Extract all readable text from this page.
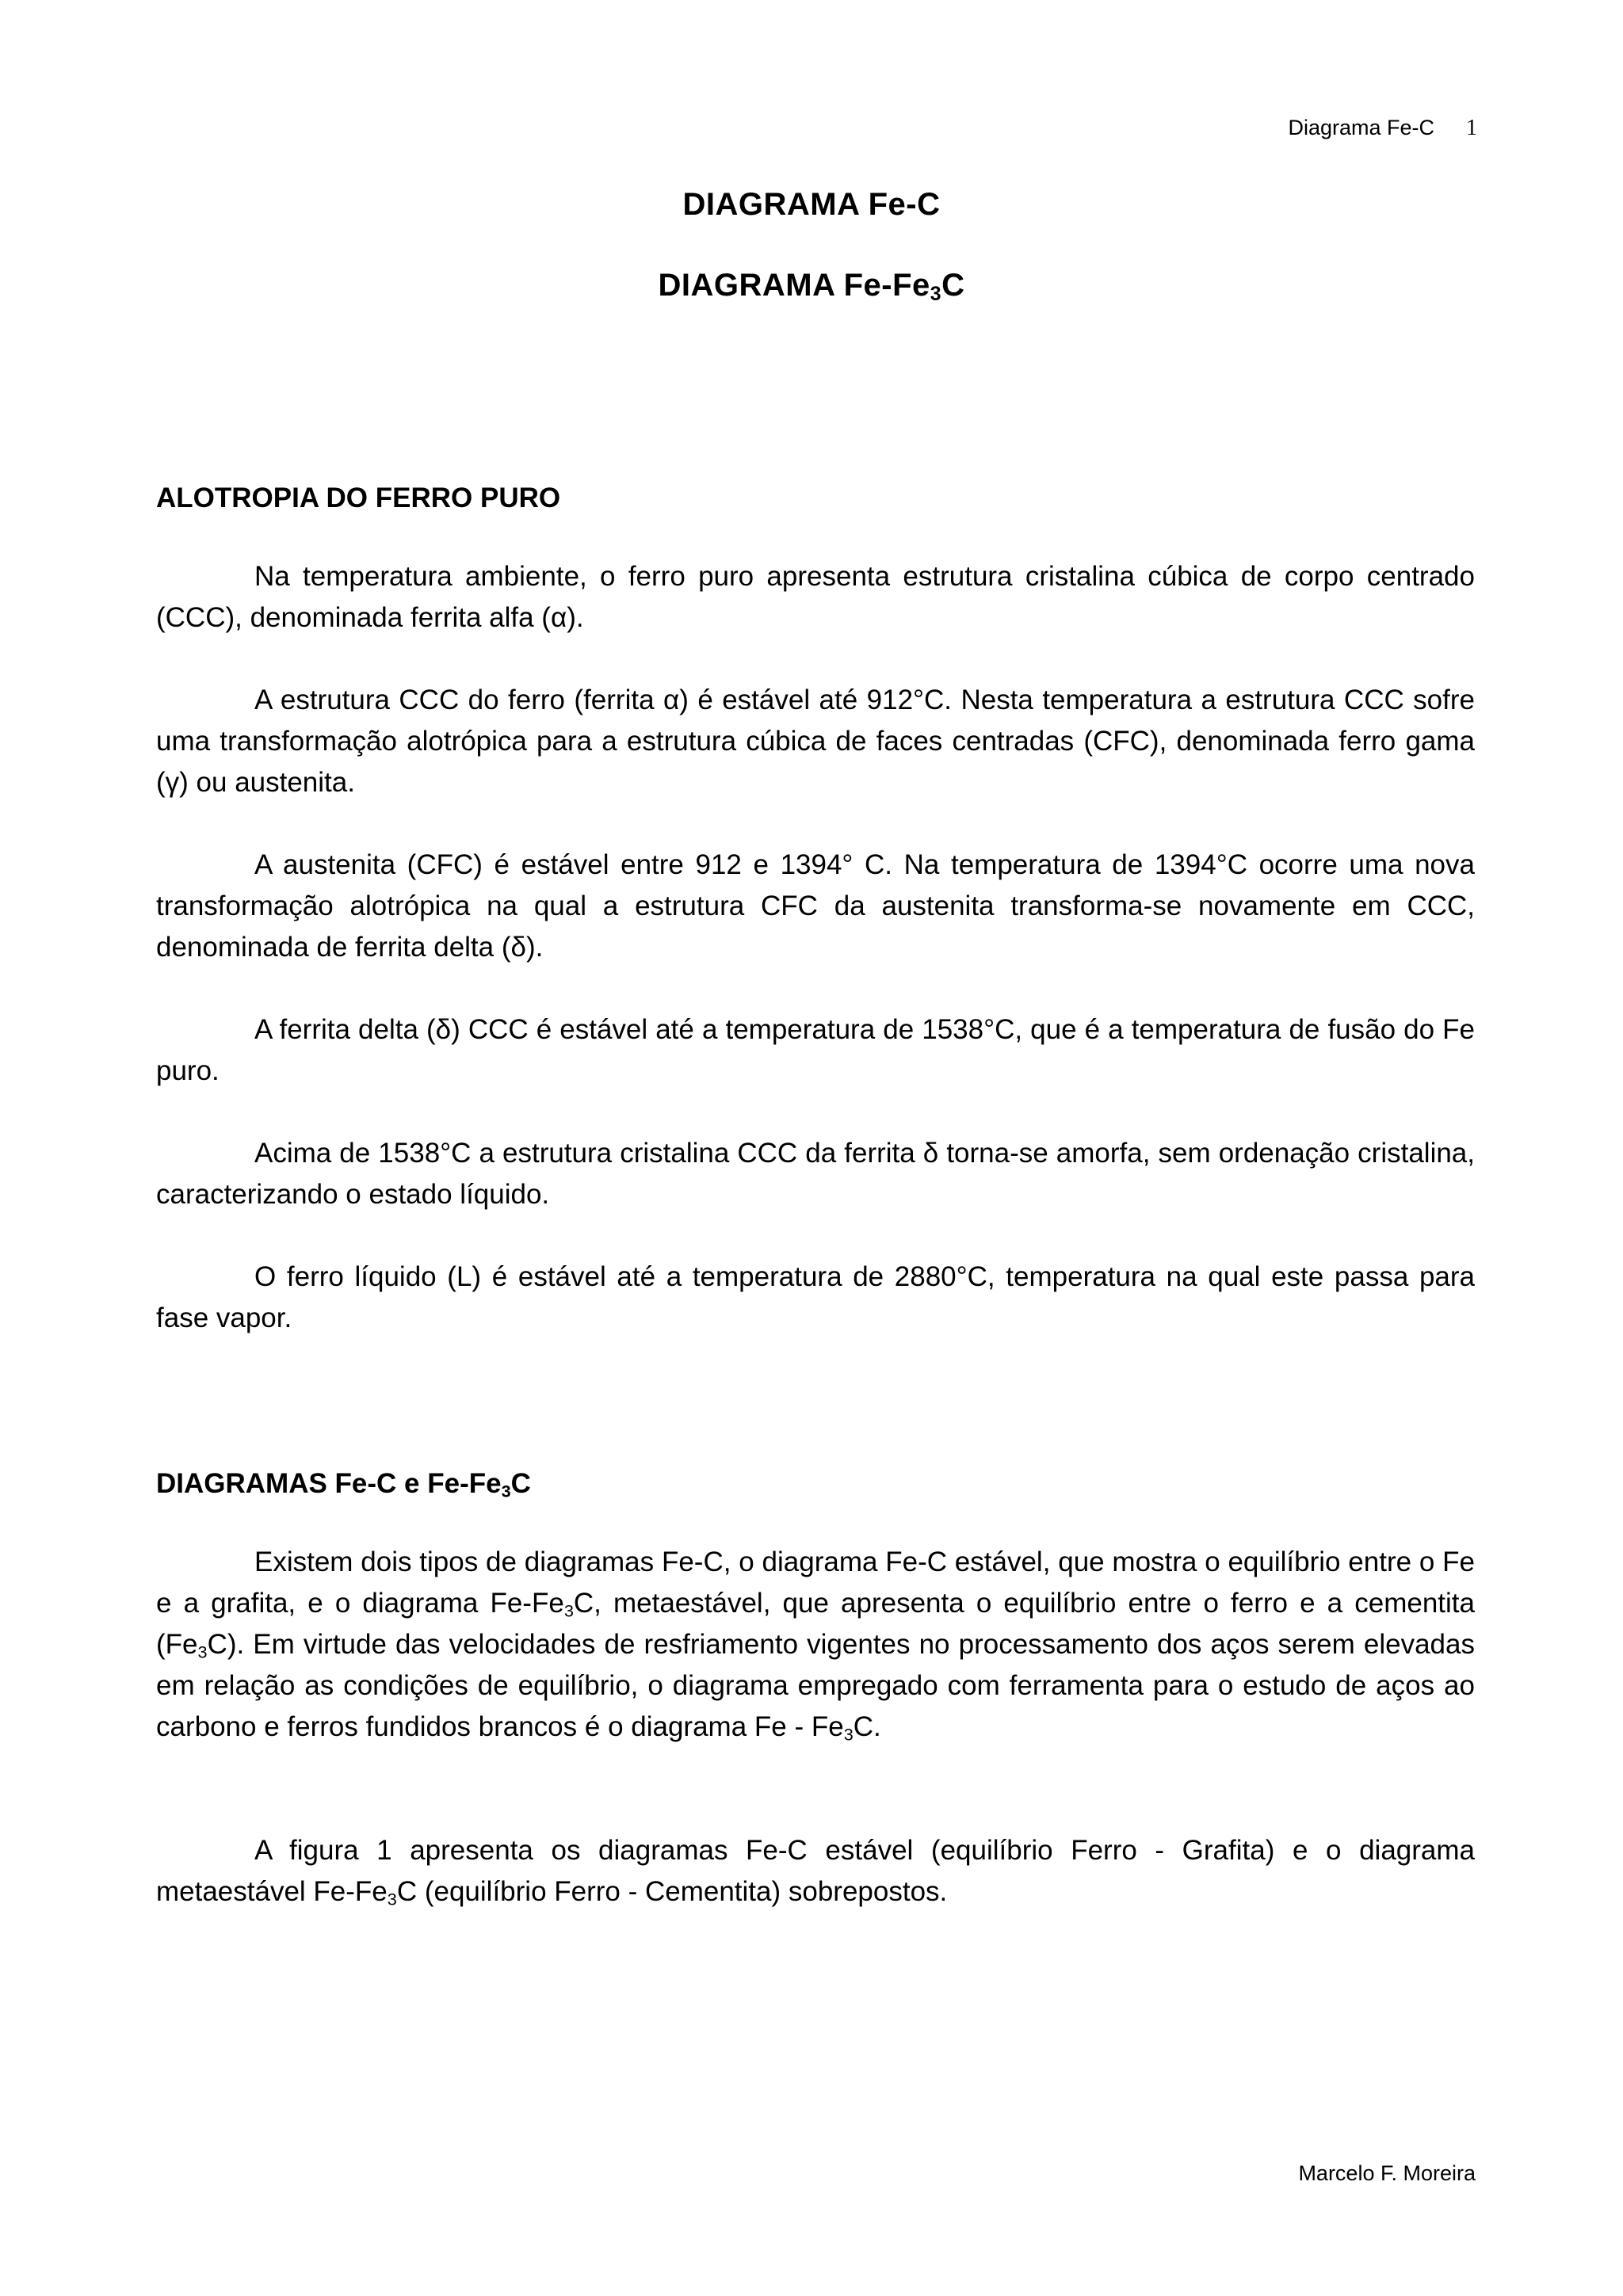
Diagrama Fe-C 1
DIAGRAMA Fe-C
DIAGRAMA $Fe-Fe_3C$
ALOTROPIA DO FERRO PURO

Na temperatura ambiente, o ferro puro apresenta estrutura cristalina cúbica de corpo centrado (CCC), denominada ferrita alfa (α).

A estrutura CCC do ferro (ferrita α) é estável até 912°C. Nesta temperatura a estrutura CCC sofre uma transformação alotrópica para a estrutura cúbica de faces centradas (CFC), denominada ferro gama (γ) ou austenita.

A austenita (CFC) é estável entre 912 e 1394° C. Na temperatura de 1394°C ocorre uma nova transformação alotrópica na qual a estrutura CFC da austenita transforma-se novamente em CCC, denominada de ferrita delta (δ).

A ferrita delta (δ) CCC é estável até a temperatura de 1538°C, que é a temperatura de fusão do Fe puro.

Acima de 1538°C a estrutura cristalina CCC da ferrita δ torna-se amorfa, sem ordenação cristalina, caracterizando o estado líquido.

O ferro líquido (L) é estável até a temperatura de 2880°C, temperatura na qual este passa para fase vapor.

DIAGRAMAS Fe-C e $Fe-Fe_3C$

Existem dois tipos de diagramas Fe-C, o diagrama Fe-C estável, que mostra o equilíbrio entre o Fe e a grafita, e o diagrama $Fe-Fe_3C$, metaestável, que apresenta o equilíbrio entre o ferro e a cementita $(Fe_3C)$. Em virtude das velocidades de resfriamento vigentes no processamento dos aços serem elevadas em relação as condições de equilíbrio, o diagrama empregado com ferramenta para o estudo de aços ao carbono e ferros fundidos brancos é o diagrama Fe - $Fe_3C$.

A figura 1 apresenta os diagramas Fe-C estável (equilíbrio Ferro - Grafita) e o diagrama metaestável $Fe-Fe_3C$ (equilíbrio Ferro - Cementita) sobrepostos.

Marcelo F. Moreira
